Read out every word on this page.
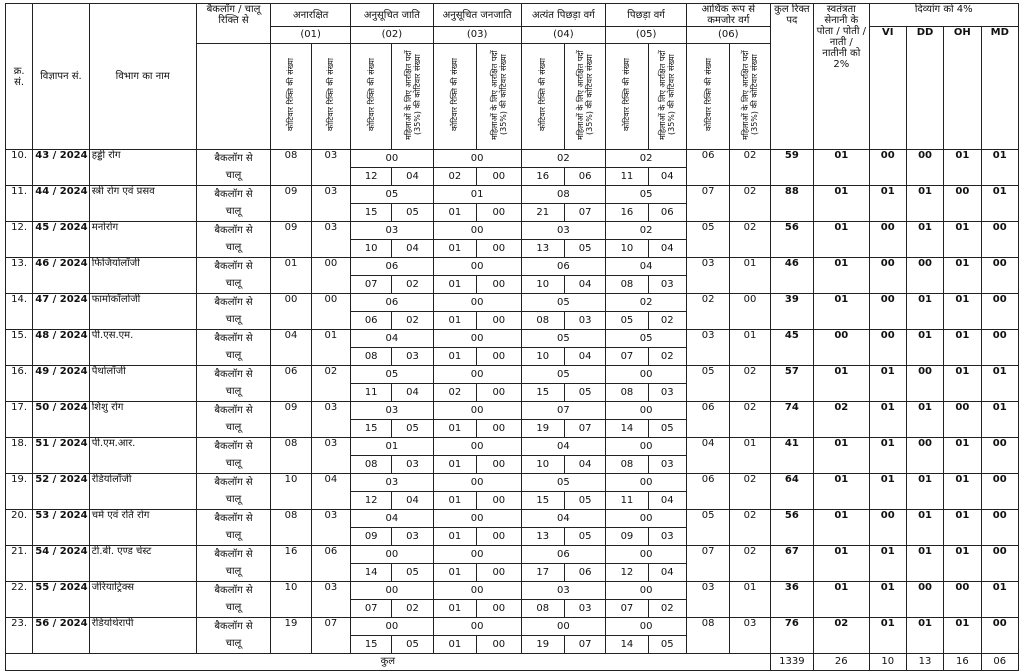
क्र. सं.	विज्ञापन सं.	विभाग का नाम	बैकलॉग / चालू रिक्ति से	अनारक्षित		अनुसूचित जाति		अनुसूचित जनजाति		अत्यंत पिछड़ा वर्ग		पिछड़ा वर्ग		आर्थिक रूप से कमजोर वर्ग		कुल रिक्त पद	स्वतंत्रता सेनानी के पोता / पोती / नाती / नातीनी को 2%	दिव्यांग को 4%			
				(01)		(02)		(03)		(04)		(05)		(06)				VI	DD	OH	MD
				कोटिवार रिक्ति की संख्या	कोटिवार रिक्ति की संख्या	कोटिवार रिक्ति की संख्या	महिलाओं के लिए आरक्षित पदों (35%) की कोटिवार संख्या	कोटिवार रिक्ति की संख्या	महिलाओं के लिए आरक्षित पदों (35%) की कोटिवार संख्या	कोटिवार रिक्ति की संख्या	महिलाओं के लिए आरक्षित पदों (35%) की कोटिवार संख्या	कोटिवार रिक्ति की संख्या	महिलाओं के लिए आरक्षित पदों (35%) की कोटिवार संख्या	कोटिवार रिक्ति की संख्या	महिलाओं के लिए आरक्षित पदों (35%) की कोटिवार संख्या						
10.	43 / 2024	हड्डी रोग	बैकलॉग से	08	03	00		00		02		02		06	02	59	01	00	00	01	01
			चालू			12	04	02	00	16	06	11	04								
11.	44 / 2024	स्त्री रोग एवं प्रसव	बैकलॉग से	09	03	05		01		08		05		07	02	88	01	01	01	00	01
			चालू			15	05	01	00	21	07	16	06								
12.	45 / 2024	मनोरोग	बैकलॉग से	09	03	03		00		03		02		05	02	56	01	00	01	01	00
			चालू			10	04	01	00	13	05	10	04								
13.	46 / 2024	फिजियोलॉजी	बैकलॉग से	01	00	06		00		06		04		03	01	46	01	00	00	01	00
			चालू			07	02	01	00	10	04	08	03								
14.	47 / 2024	फार्माकॉलोजी	बैकलॉग से	00	00	06		00		05		02		02	00	39	01	00	01	01	00
			चालू			06	02	01	00	08	03	05	02								
15.	48 / 2024	पी.एस.एम.	बैकलॉग से	04	01	04		00		05		05		03	01	45	00	00	01	01	00
			चालू			08	03	01	00	10	04	07	02								
16.	49 / 2024	पैथोलॉजी	बैकलॉग से	06	02	05		00		05		00		05	02	57	01	01	00	01	01
			चालू			11	04	02	00	15	05	08	03								
17.	50 / 2024	शिशु रोग	बैकलॉग से	09	03	03		00		07		00		06	02	74	02	01	01	00	01
			चालू			15	05	01	00	19	07	14	05								
18.	51 / 2024	पी.एम.आर.	बैकलॉग से	08	03	01		00		04		00		04	01	41	01	01	00	01	00
			चालू			08	03	01	00	10	04	08	03								
19.	52 / 2024	रेडियोलॉजी	बैकलॉग से	10	04	03		00		05		00		06	02	64	01	01	01	01	00
			चालू			12	04	01	00	15	05	11	04								
20.	53 / 2024	चर्म एवं रति रोग	बैकलॉग से	08	03	04		00		04		00		05	02	56	01	00	01	01	00
			चालू			09	03	01	00	13	05	09	03								
21.	54 / 2024	टी.बी. एण्ड चेस्ट	बैकलॉग से	16	06	00		00		06		00		07	02	67	01	01	01	01	00
			चालू			14	05	01	00	17	06	12	04								
22.	55 / 2024	जेरियाट्रिक्स	बैकलॉग से	10	03	00		00		03		00		03	01	36	01	01	00	00	01
			चालू			07	02	01	00	08	03	07	02								
23.	56 / 2024	रेडियोथेरापी	बैकलॉग से	19	07	00		00		00		00		08	03	76	02	01	01	01	00
			चालू			15	05	01	00	19	07	14	05								
कुल																1339	26	10	13	16	06
